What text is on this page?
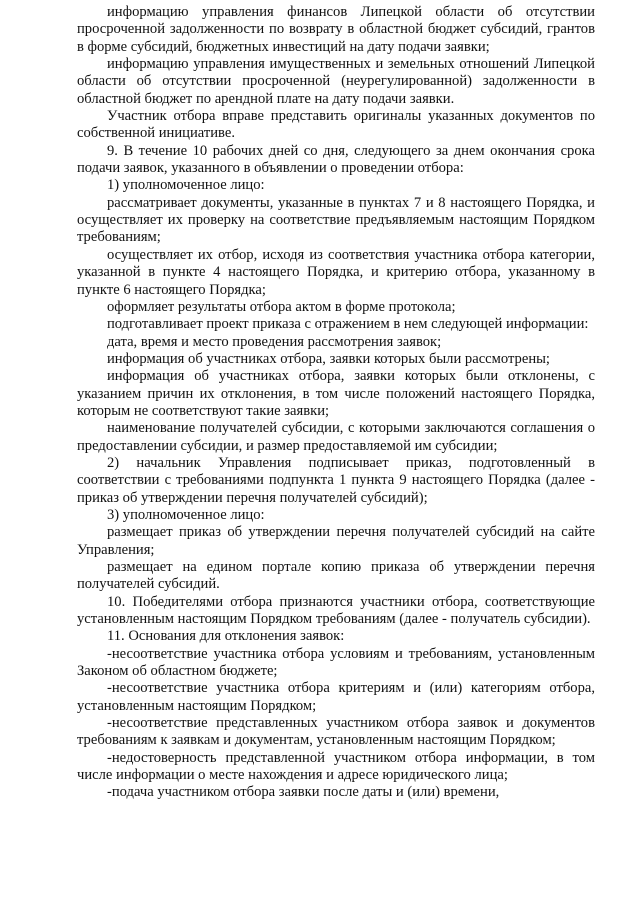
информацию управления финансов Липецкой области об отсутствии просроченной задолженности по возврату в областной бюджет субсидий, грантов в форме субсидий, бюджетных инвестиций на дату подачи заявки;

информацию управления имущественных и земельных отношений Липецкой области об отсутствии просроченной (неурегулированной) задолженности в областной бюджет по арендной плате на дату подачи заявки.

Участник отбора вправе представить оригиналы указанных документов по собственной инициативе.

9. В течение 10 рабочих дней со дня, следующего за днем окончания срока подачи заявок, указанного в объявлении о проведении отбора:

1) уполномоченное лицо:

рассматривает документы, указанные в пунктах 7 и 8 настоящего Порядка, и осуществляет их проверку на соответствие предъявляемым настоящим Порядком требованиям;

осуществляет их отбор, исходя из соответствия участника отбора категории, указанной в пункте 4 настоящего Порядка, и критерию отбора, указанному в пункте 6 настоящего Порядка;

оформляет результаты отбора актом в форме протокола;

подготавливает проект приказа с отражением в нем следующей информации:

дата, время и место проведения рассмотрения заявок;

информация об участниках отбора, заявки которых были рассмотрены;

информация об участниках отбора, заявки которых были отклонены, с указанием причин их отклонения, в том числе положений настоящего Порядка, которым не соответствуют такие заявки;

наименование получателей субсидии, с которыми заключаются соглашения о предоставлении субсидии, и размер предоставляемой им субсидии;

2) начальник Управления подписывает приказ, подготовленный в соответствии с требованиями подпункта 1 пункта 9 настоящего Порядка (далее - приказ об утверждении перечня получателей субсидий);

3) уполномоченное лицо:

размещает приказ об утверждении перечня получателей субсидий на сайте Управления;

размещает на едином портале копию приказа об утверждении перечня получателей субсидий.

10. Победителями отбора признаются участники отбора, соответствующие установленным настоящим Порядком требованиям (далее - получатель субсидии).

11. Основания для отклонения заявок:

-несоответствие участника отбора условиям и требованиям, установленным Законом об областном бюджете;

-несоответствие участника отбора критериям и (или) категориям отбора, установленным настоящим Порядком;

-несоответствие представленных участником отбора заявок и документов требованиям к заявкам и документам, установленным настоящим Порядком;

-недостоверность представленной участником отбора информации, в том числе информации о месте нахождения и адресе юридического лица;

-подача участником отбора заявки после даты и (или) времени,
